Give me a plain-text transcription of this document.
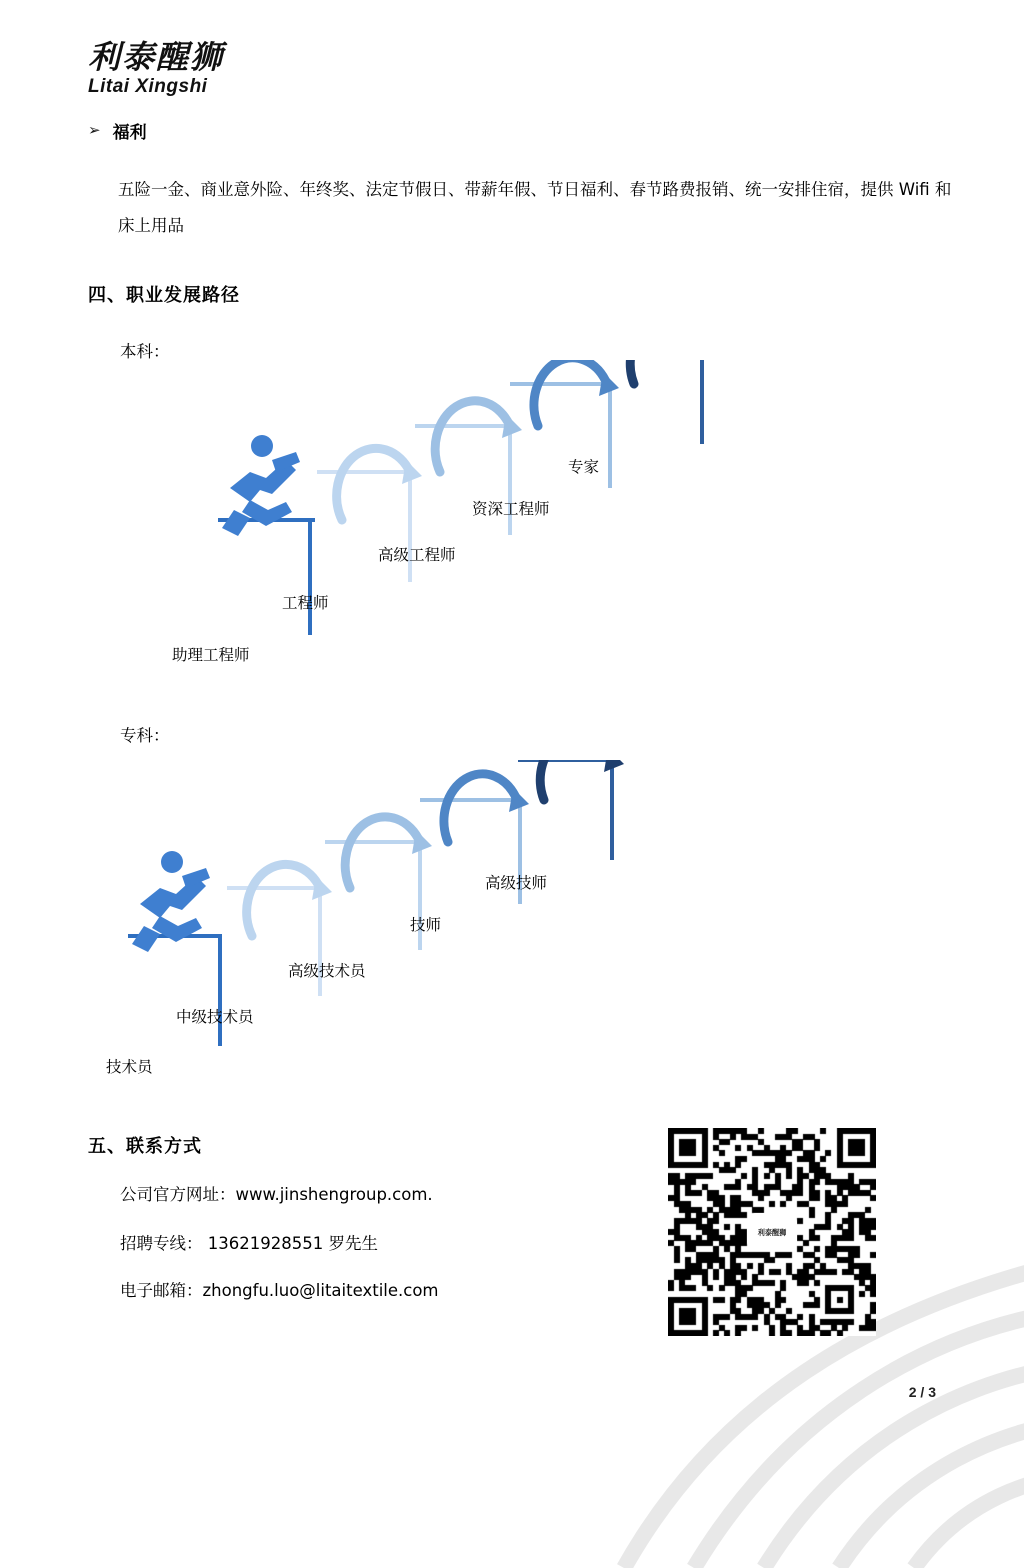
利泰醒狮
Litai Xingshi
➢ 福利
五险一金、商业意外险、年终奖、法定节假日、带薪年假、节日福利、春节路费报销、统一安排住宿，提供 Wifi 和床上用品
四、职业发展路径
本科：
助理工程师
工程师
高级工程师
资深工程师
专家
专科：
技术员
中级技术员
高级技术员
技师
高级技师
五、联系方式
公司官方网址：www.jinshengroup.com.
招聘专线： 13621928551 罗先生
电子邮箱：zhongfu.luo@litaitextile.com
利泰醒狮
2 / 3
